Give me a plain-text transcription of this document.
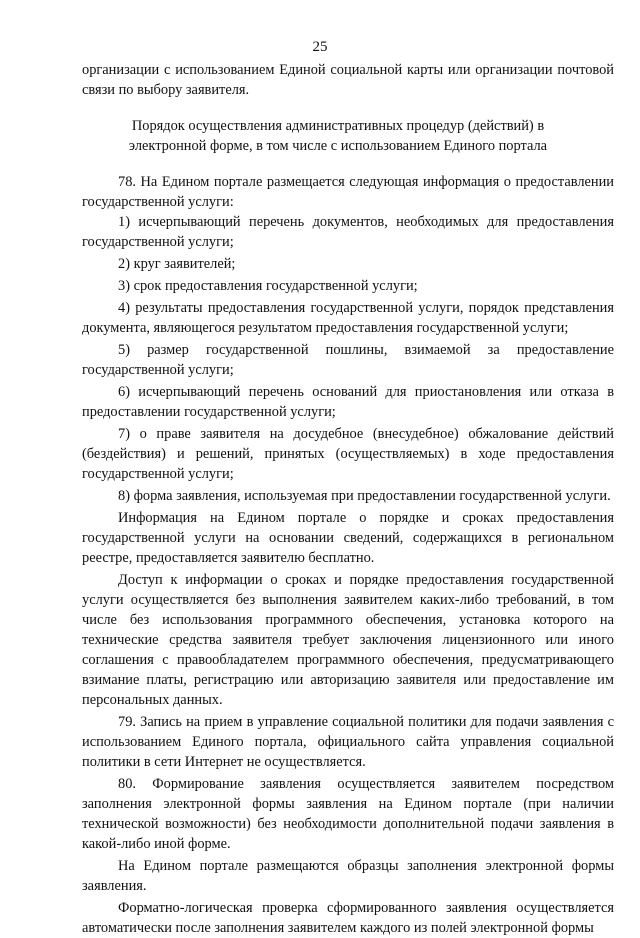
25

организации с использованием Единой социальной карты или организации почтовой связи по выбору заявителя.

Порядок осуществления административных процедур (действий) в электронной форме, в том числе с использованием Единого портала

78. На Едином портале размещается следующая информация о предоставлении государственной услуги:

1) исчерпывающий перечень документов, необходимых для предоставления государственной услуги;

2) круг заявителей;

3) срок предоставления государственной услуги;

4) результаты предоставления государственной услуги, порядок представления документа, являющегося результатом предоставления государственной услуги;

5) размер государственной пошлины, взимаемой за предоставление государственной услуги;

6) исчерпывающий перечень оснований для приостановления или отказа в предоставлении государственной услуги;

7) о праве заявителя на досудебное (внесудебное) обжалование действий (бездействия) и решений, принятых (осуществляемых) в ходе предоставления государственной услуги;

8) форма заявления, используемая при предоставлении государственной услуги.

Информация на Едином портале о порядке и сроках предоставления государственной услуги на основании сведений, содержащихся в региональном реестре, предоставляется заявителю бесплатно.

Доступ к информации о сроках и порядке предоставления государственной услуги осуществляется без выполнения заявителем каких-либо требований, в том числе без использования программного обеспечения, установка которого на технические средства заявителя требует заключения лицензионного или иного соглашения с правообладателем программного обеспечения, предусматривающего взимание платы, регистрацию или авторизацию заявителя или предоставление им персональных данных.

79. Запись на прием в управление социальной политики для подачи заявления с использованием Единого портала, официального сайта управления социальной политики в сети Интернет не осуществляется.

80. Формирование заявления осуществляется заявителем посредством заполнения электронной формы заявления на Едином портале (при наличии технической возможности) без необходимости дополнительной подачи заявления в какой-либо иной форме.

На Едином портале размещаются образцы заполнения электронной формы заявления.

Форматно-логическая проверка сформированного заявления осуществляется автоматически после заполнения заявителем каждого из полей электронной формы
